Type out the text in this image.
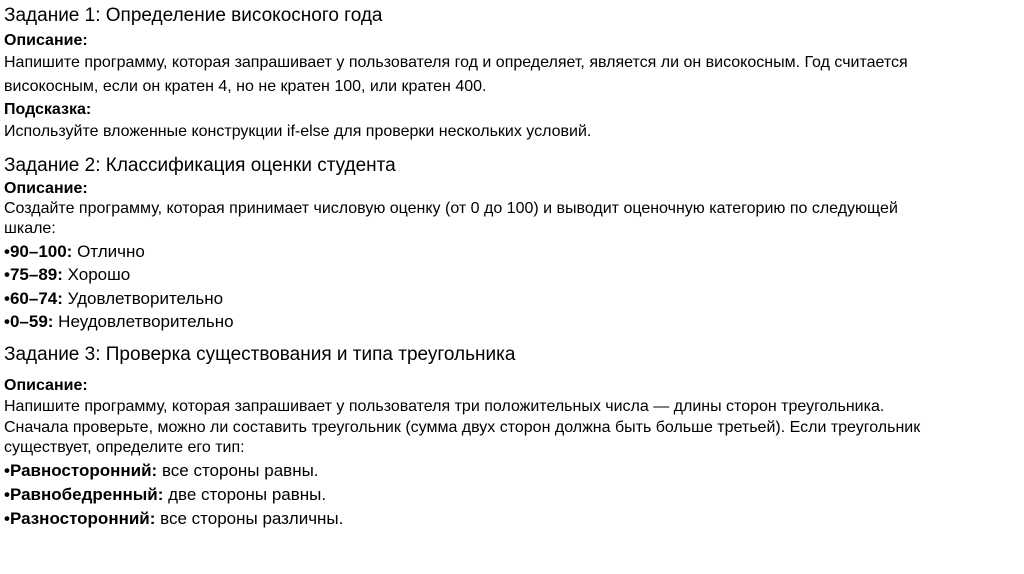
Задание 1: Определение високосного года
Описание:
Напишите программу, которая запрашивает у пользователя год и определяет, является ли он високосным. Год считается
високосным, если он кратен 4, но не кратен 100, или кратен 400.
Подсказка:
Используйте вложенные конструкции if-else для проверки нескольких условий.
Задание 2: Классификация оценки студента
Описание:
Создайте программу, которая принимает числовую оценку (от 0 до 100) и выводит оценочную категорию по следующей
шкале:
•90–100: Отлично
•75–89: Хорошо
•60–74: Удовлетворительно
•0–59: Неудовлетворительно
Задание 3: Проверка существования и типа треугольника
Описание:
Напишите программу, которая запрашивает у пользователя три положительных числа — длины сторон треугольника.
Сначала проверьте, можно ли составить треугольник (сумма двух сторон должна быть больше третьей). Если треугольник
существует, определите его тип:
•Равносторонний: все стороны равны.
•Равнобедренный: две стороны равны.
•Разносторонний: все стороны различны.
